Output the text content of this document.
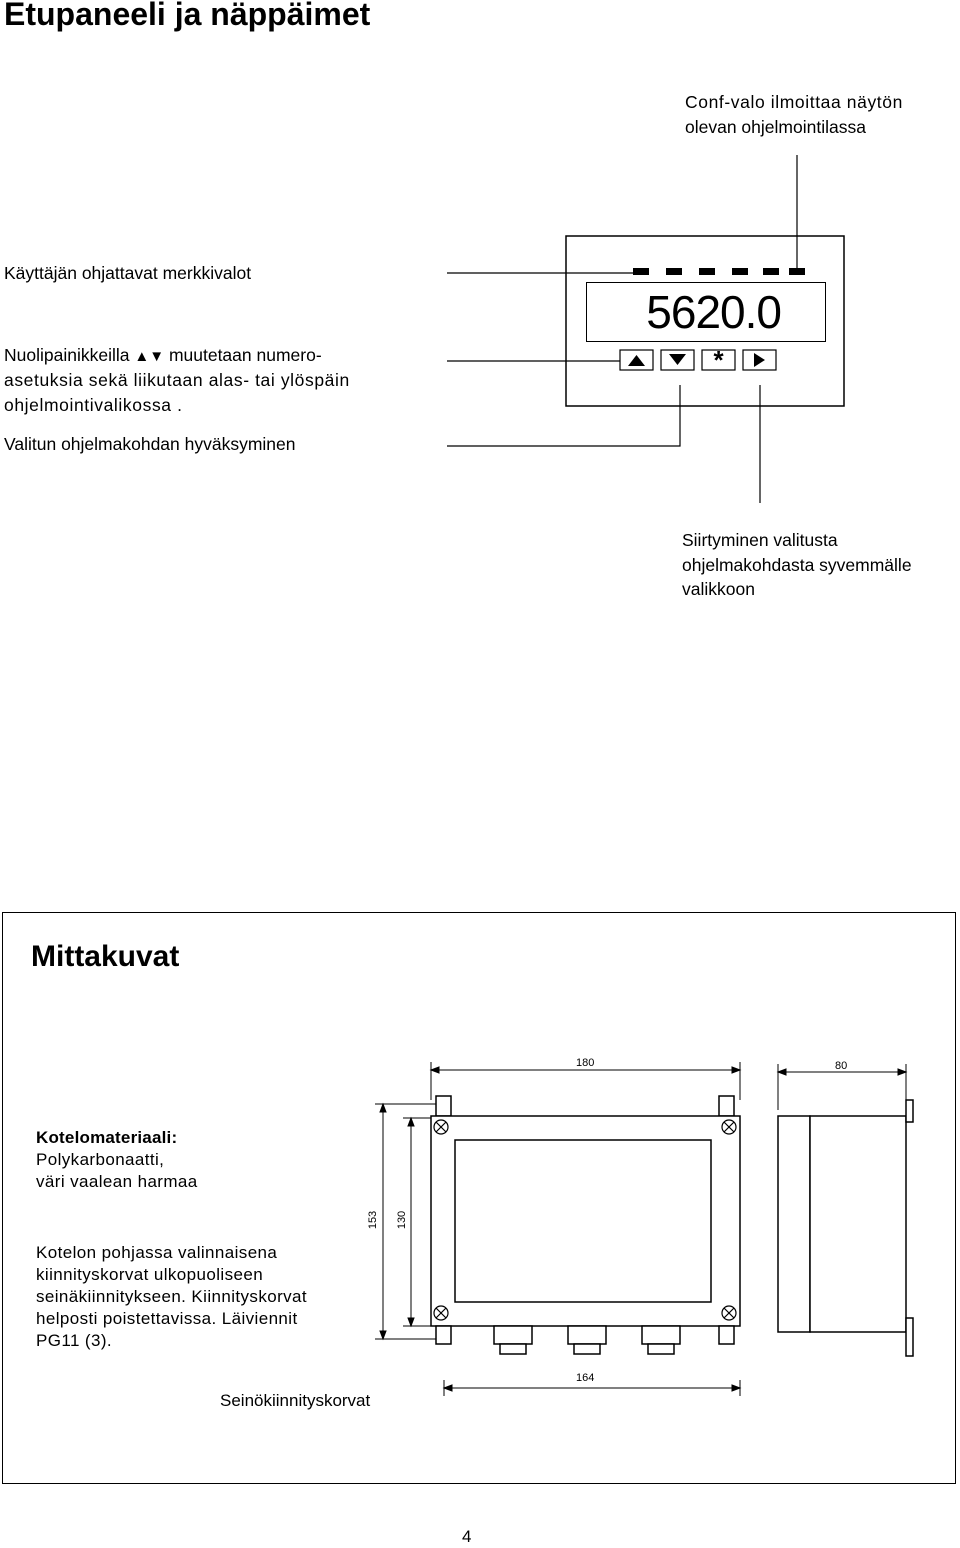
Etupaneeli ja näppäimet
Conf-valo ilmoittaa näytön
olevan ohjelmointilassa
Käyttäjän ohjattavat merkkivalot
Nuolipainikkeilla ▲▼ muutetaan numero-
asetuksia sekä liikutaan alas- tai ylöspäin
ohjelmointivalikossa .
Valitun ohjelmakohdan hyväksyminen
Siirtyminen valitusta
ohjelmakohdasta syvemmälle
valikkoon
5620.0
*
Mittakuvat
180	80
153 130
164
Kotelomateriaali:
Polykarbonaatti,
väri vaalean harmaa
Kotelon pohjassa valinnaisena
kiinnityskorvat ulkopuoliseen
seinäkiinnitykseen. Kiinnityskorvat
helposti poistettavissa. Läiviennit
PG11 (3).
Seinökiinnityskorvat
4
